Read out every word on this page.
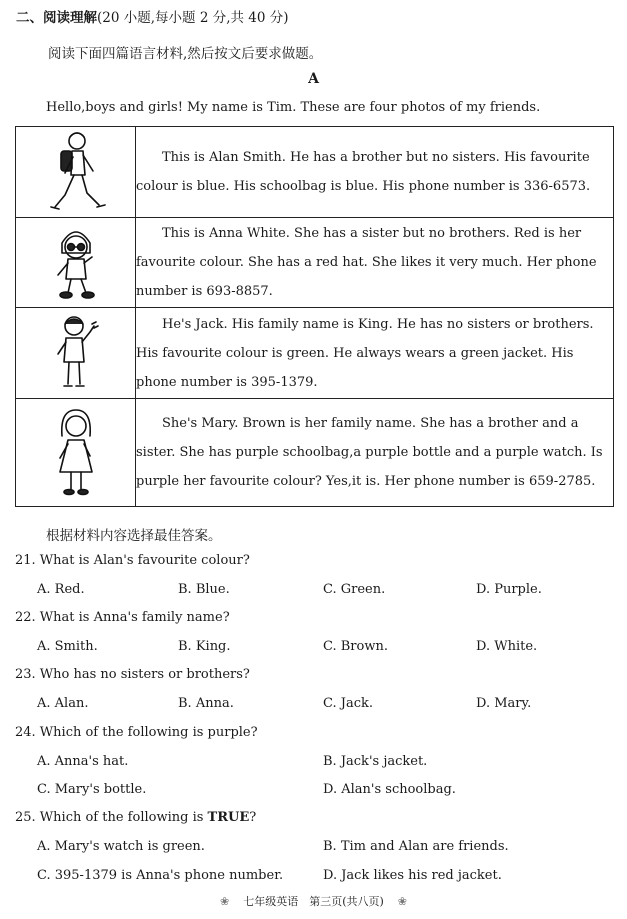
二、阅读理解(20 小题,每小题 2 分,共 40 分)
阅读下面四篇语言材料,然后按文后要求做题。
A
Hello,boys and girls! My name is Tim. These are four photos of my friends.
	This is Alan Smith. He has a brother but no sisters. His favourite colour is blue. His schoolbag is blue. His phone number is 336-6573.

	This is Anna White. She has a sister but no brothers. Red is her favourite colour. She has a red hat. She likes it very much. Her phone number is 693-8857.

	He's Jack. His family name is King. He has no sisters or brothers. His favourite colour is green. He always wears a green jacket. His phone number is 395-1379.

	She's Mary. Brown is her family name. She has a brother and a sister. She has purple schoolbag,a purple bottle and a purple watch. Is purple her favourite colour? Yes,it is. Her phone number is 659-2785.
根据材料内容选择最佳答案。
21. What is Alan's favourite colour?
A. Red.	B. Blue.	C. Green.	D. Purple.
22. What is Anna's family name?
A. Smith.	B. King.	C. Brown.	D. White.
23. Who has no sisters or brothers?
A. Alan.	B. Anna.	C. Jack.	D. Mary.
24. Which of the following is purple?
A. Anna's hat.	B. Jack's jacket.
C. Mary's bottle.	D. Alan's schoolbag.
25. Which of the following is TRUE?
A. Mary's watch is green.	B. Tim and Alan are friends.
C. 395-1379 is Anna's phone number.	D. Jack likes his red jacket.
❀ 七年级英语　第三页(共八页) ❀
